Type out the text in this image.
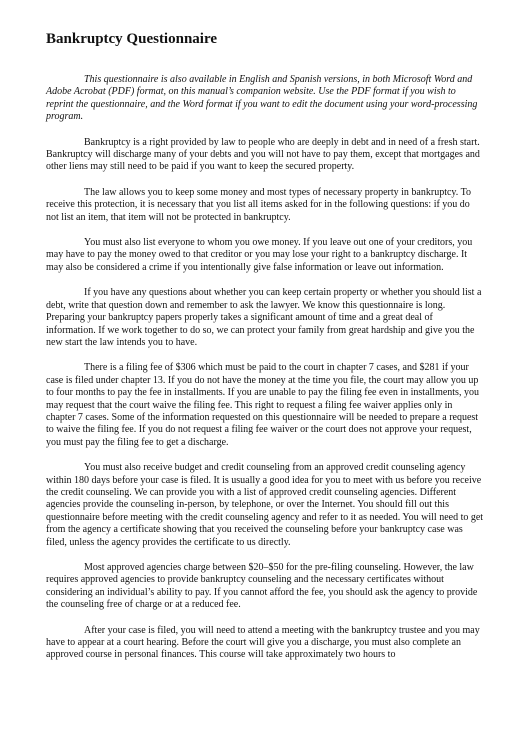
Bankruptcy Questionnaire

This questionnaire is also available in English and Spanish versions, in both Microsoft Word and Adobe Acrobat (PDF) format, on this manual’s companion website. Use the PDF format if you wish to reprint the questionnaire, and the Word format if you want to edit the document using your word-processing program.

Bankruptcy is a right provided by law to people who are deeply in debt and in need of a fresh start. Bankruptcy will discharge many of your debts and you will not have to pay them, except that mortgages and other liens may still need to be paid if you want to keep the secured property.

The law allows you to keep some money and most types of necessary property in bankruptcy. To receive this protection, it is necessary that you list all items asked for in the following questions: if you do not list an item, that item will not be protected in bankruptcy.

You must also list everyone to whom you owe money. If you leave out one of your creditors, you may have to pay the money owed to that creditor or you may lose your right to a bankruptcy discharge. It may also be considered a crime if you intentionally give false information or leave out information.

If you have any questions about whether you can keep certain property or whether you should list a debt, write that question down and remember to ask the lawyer. We know this questionnaire is long. Preparing your bankruptcy papers properly takes a significant amount of time and a great deal of information. If we work together to do so, we can protect your family from great hardship and give you the new start the law intends you to have.

There is a filing fee of $306 which must be paid to the court in chapter 7 cases, and $281 if your case is filed under chapter 13. If you do not have the money at the time you file, the court may allow you up to four months to pay the fee in installments. If you are unable to pay the filing fee even in installments, you may request that the court waive the filing fee. This right to request a filing fee waiver applies only in chapter 7 cases. Some of the information requested on this questionnaire will be needed to prepare a request to waive the filing fee. If you do not request a filing fee waiver or the court does not approve your request, you must pay the filing fee to get a discharge.

You must also receive budget and credit counseling from an approved credit counseling agency within 180 days before your case is filed. It is usually a good idea for you to meet with us before you receive the credit counseling. We can provide you with a list of approved credit counseling agencies. Different agencies provide the counseling in-person, by telephone, or over the Internet. You should fill out this questionnaire before meeting with the credit counseling agency and refer to it as needed. You will need to get from the agency a certificate showing that you received the counseling before your bankruptcy case was filed, unless the agency provides the certificate to us directly.

Most approved agencies charge between $20–$50 for the pre-filing counseling. However, the law requires approved agencies to provide bankruptcy counseling and the necessary certificates without considering an individual’s ability to pay. If you cannot afford the fee, you should ask the agency to provide the counseling free of charge or at a reduced fee.

After your case is filed, you will need to attend a meeting with the bankruptcy trustee and you may have to appear at a court hearing. Before the court will give you a discharge, you must also complete an approved course in personal finances. This course will take approximately two hours to
